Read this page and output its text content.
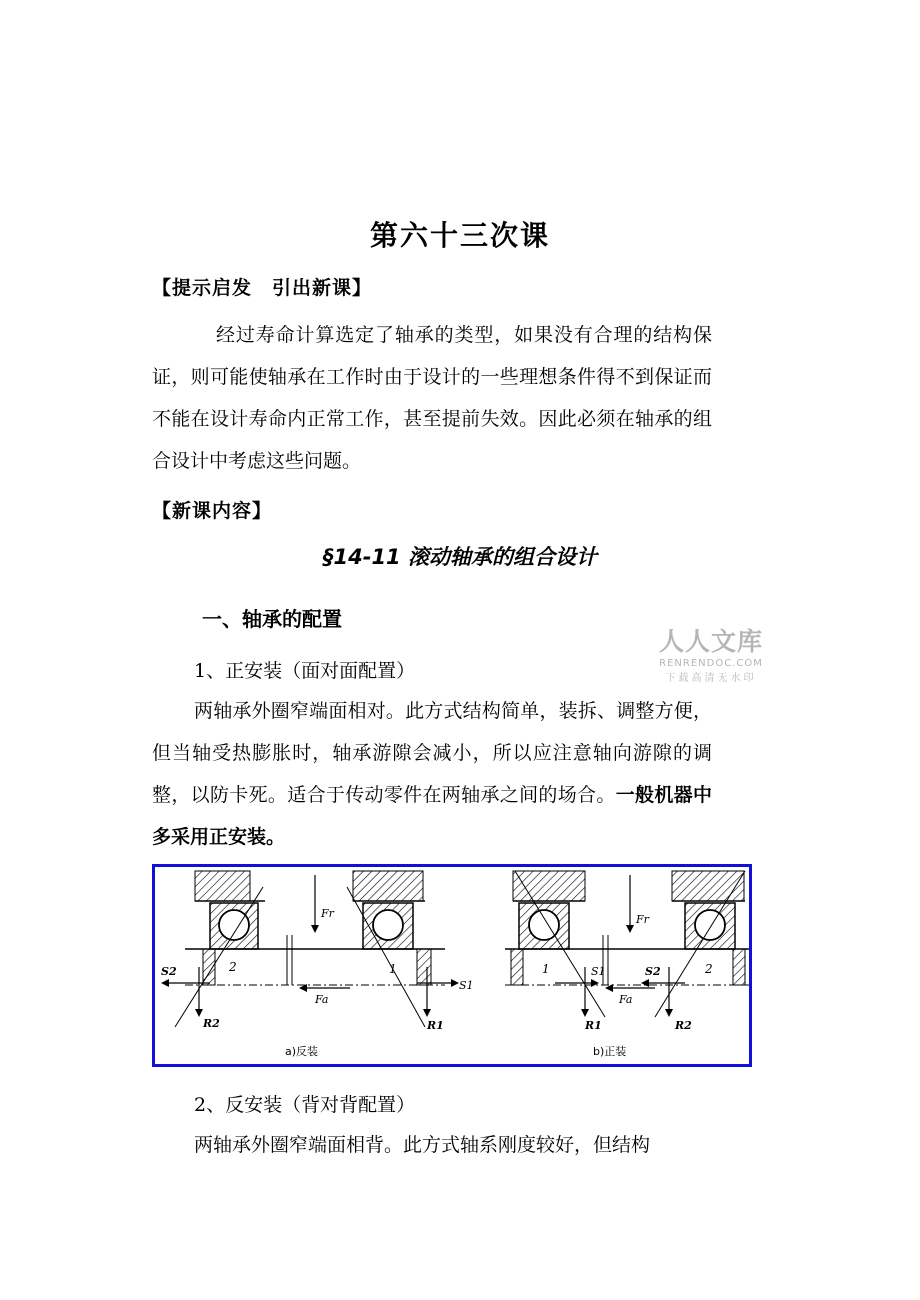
第六十三次课
【提示启发　引出新课】
经过寿命计算选定了轴承的类型，如果没有合理的结构保证，则可能使轴承在工作时由于设计的一些理想条件得不到保证而不能在设计寿命内正常工作，甚至提前失效。因此必须在轴承的组合设计中考虑这些问题。
【新课内容】
§14-11 滚动轴承的组合设计
一、轴承的配置
1、正安装（面对面配置）
两轴承外圈窄端面相对。此方式结构简单，装拆、调整方便，但当轴受热膨胀时，轴承游隙会减小，所以应注意轴向游隙的调整，以防卡死。适合于传动零件在两轴承之间的场合。一般机器中多采用正安装。
Fr
Fa
S2
S1
R2	R1
2	1
a)反装
Fr
Fa
S1	S2
R1	R2
1	2
b)正装
2、反安装（背对背配置）
两轴承外圈窄端面相背。此方式轴系刚度较好，但结构
人人文库
RENRENDOC.COM
下载高清无水印
